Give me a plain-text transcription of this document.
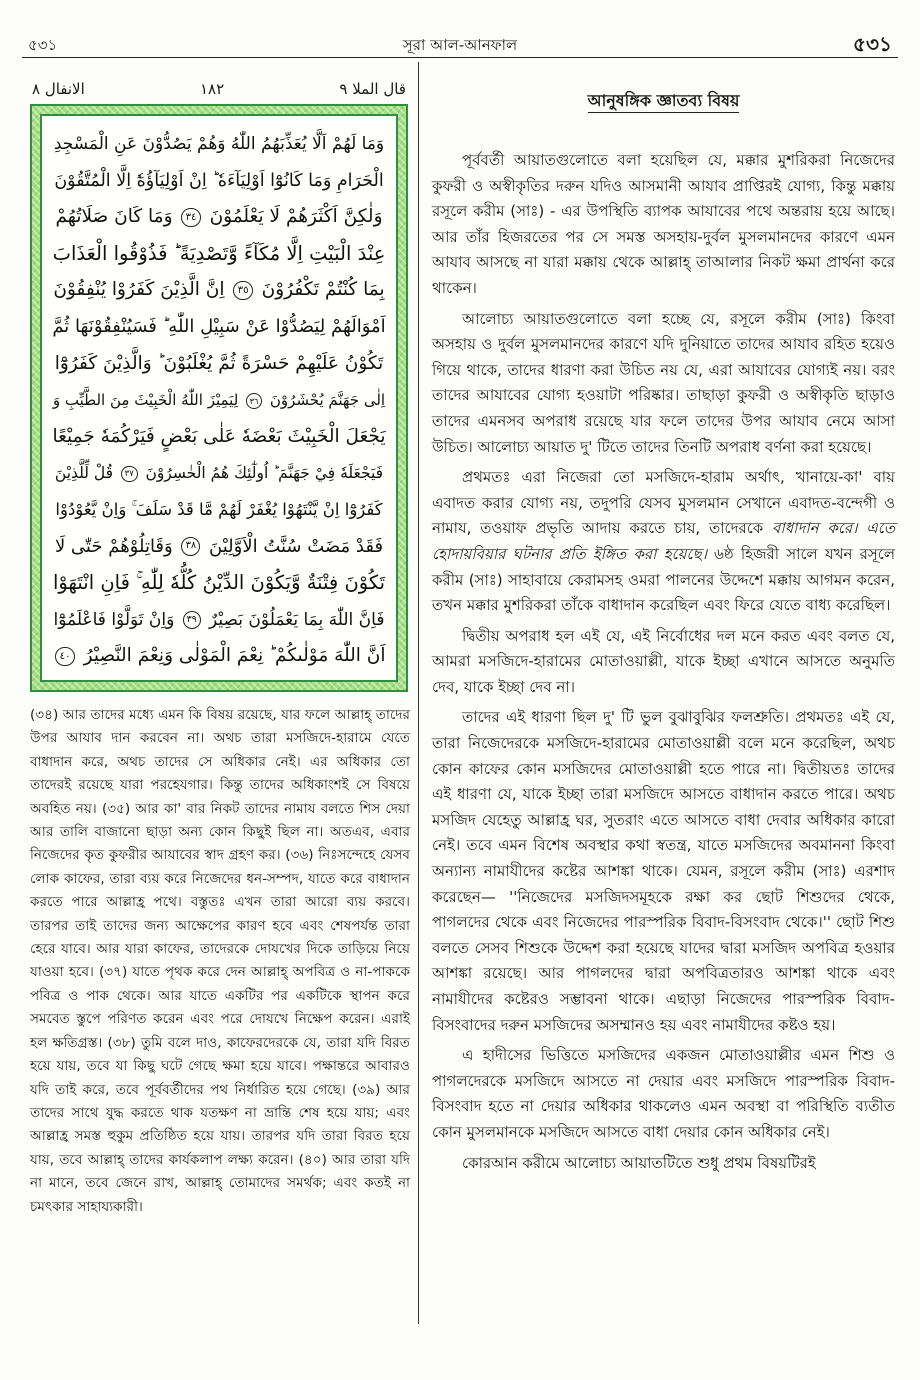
৫৩১	সূরা আল-আনফাল	৫৩১
الانفال ٨	١٨٢	قال الملا ٩
وَمَا لَهُمْ اَلَّا يُعَذِّبَهُمُ اللّٰهُ وَهُمْ يَصُدُّوْنَ عَنِ الْمَسْجِدِ
الْحَرَامِ وَمَا كَانُوْٓا اَوْلِيَآءَهٗ ؕ اِنْ اَوْلِيَآؤُهٗٓ اِلَّا الْمُتَّقُوْنَ
وَلٰكِنَّ اَكْثَرَهُمْ لَا يَعْلَمُوْنَ ٣٤ وَمَا كَانَ صَلَاتُهُمْ
عِنْدَ الْبَيْتِ اِلَّا مُكَآءً وَّتَصْدِيَةً ؕ فَذُوْقُوا الْعَذَابَ
بِمَا كُنْتُمْ تَكْفُرُوْنَ ٣٥ اِنَّ الَّذِيْنَ كَفَرُوْا يُنْفِقُوْنَ
اَمْوَالَهُمْ لِيَصُدُّوْا عَنْ سَبِيْلِ اللّٰهِ ؕ فَسَيُنْفِقُوْنَهَا ثُمَّ
تَكُوْنُ عَلَيْهِمْ حَسْرَةً ثُمَّ يُغْلَبُوْنَ ؕ وَالَّذِيْنَ كَفَرُوْٓا
اِلٰى جَهَنَّمَ يُحْشَرُوْنَ ٣٦ لِيَمِيْزَ اللّٰهُ الْخَبِيْثَ مِنَ الطَّيِّبِ وَ
يَجْعَلَ الْخَبِيْثَ بَعْضَهٗ عَلٰى بَعْضٍ فَيَرْكُمَهٗ جَمِيْعًا
فَيَجْعَلَهٗ فِيْ جَهَنَّمَ ؕ اُولٰٓئِكَ هُمُ الْخٰسِرُوْنَ ٣٧ قُلْ لِّلَّذِيْنَ
كَفَرُوْٓا اِنْ يَّنْتَهُوْا يُغْفَرْ لَهُمْ مَّا قَدْ سَلَفَ ۚ وَاِنْ يَّعُوْدُوْا
فَقَدْ مَضَتْ سُنَّتُ الْاَوَّلِيْنَ ٣٨ وَقَاتِلُوْهُمْ حَتّٰى لَا
تَكُوْنَ فِتْنَةٌ وَّيَكُوْنَ الدِّيْنُ كُلُّهٗ لِلّٰهِ ۚ فَاِنِ انْتَهَوْا
فَاِنَّ اللّٰهَ بِمَا يَعْمَلُوْنَ بَصِيْرٌ ٣٩ وَاِنْ تَوَلَّوْا فَاعْلَمُوْٓا
اَنَّ اللّٰهَ مَوْلٰىكُمْ ؕ نِعْمَ الْمَوْلٰى وَنِعْمَ النَّصِيْرُ ٤٠
(৩৪) আর তাদের মধ্যে এমন কি বিষয় রয়েছে, যার ফলে আল্লাহ্ তাদের উপর আযাব দান করবেন না। অথচ তারা মসজিদে-হারামে যেতে বাধাদান করে, অথচ তাদের সে অধিকার নেই। এর অধিকার তো তাদেরই রয়েছে যারা পরহেযগার। কিন্তু তাদের অধিকাংশই সে বিষয়ে অবহিত নয়। (৩৫) আর কা' বার নিকট তাদের নামায বলতে শিস দেয়া আর তালি বাজানো ছাড়া অন্য কোন কিছুই ছিল না। অতএব, এবার নিজেদের কৃত কুফরীর আযাবের স্বাদ গ্রহণ কর। (৩৬) নিঃসন্দেহে যেসব লোক কাফের, তারা ব্যয় করে নিজেদের ধন-সম্পদ, যাতে করে বাধাদান করতে পারে আল্লাহ্র পথে। বস্তুতঃ এখন তারা আরো ব্যয় করবে। তারপর তাই তাদের জন্য আক্ষেপের কারণ হবে এবং শেষপর্যন্ত তারা হেরে যাবে। আর যারা কাফের, তাদেরকে দোযখের দিকে তাড়িয়ে নিয়ে যাওয়া হবে। (৩৭) যাতে পৃথক করে দেন আল্লাহ্ অপবিত্র ও না-পাককে পবিত্র ও পাক থেকে। আর যাতে একটির পর একটিকে স্থাপন করে সমবেত স্তুপে পরিণত করেন এবং পরে দোযখে নিক্ষেপ করেন। এরাই হল ক্ষতিগ্রস্ত। (৩৮) তুমি বলে দাও, কাফেরদেরকে যে, তারা যদি বিরত হয়ে যায়, তবে যা কিছু ঘটে গেছে ক্ষমা হয়ে যাবে। পক্ষান্তরে আবারও যদি তাই করে, তবে পূর্ববর্তীদের পথ নির্ধারিত হয়ে গেছে। (৩৯) আর তাদের সাথে যুদ্ধ করতে থাক যতক্ষণ না ভ্রান্তি শেষ হয়ে যায়; এবং আল্লাহ্র সমস্ত হুকুম প্রতিষ্ঠিত হয়ে যায়। তারপর যদি তারা বিরত হয়ে যায়, তবে আল্লাহ্ তাদের কার্যকলাপ লক্ষ্য করেন। (৪০) আর তারা যদি না মানে, তবে জেনে রাখ, আল্লাহ্ তোমাদের সমর্থক; এবং কতই না চমৎকার সাহায্যকারী।
আনুষঙ্গিক জ্ঞাতব্য বিষয়

পূর্ববর্তী আয়াতগুলোতে বলা হয়েছিল যে, মক্কার মুশরিকরা নিজেদের কুফরী ও অস্বীকৃতির দরুন যদিও আসমানী আযাব প্রাপ্তিরই যোগ্য, কিন্তু মক্কায় রসূলে করীম (সাঃ) - এর উপস্থিতি ব্যাপক আযাবের পথে অন্তরায় হয়ে আছে। আর তাঁর হিজরতের পর সে সমস্ত অসহায়-দুর্বল মুসলমানদের কারণে এমন আযাব আসছে না যারা মক্কায় থেকে আল্লাহ্ তাআলার নিকট ক্ষমা প্রার্থনা করে থাকেন।

আলোচ্য আয়াতগুলোতে বলা হচ্ছে যে, রসূলে করীম (সাঃ) কিংবা অসহায় ও দুর্বল মুসলমানদের কারণে যদি দুনিয়াতে তাদের আযাব রহিত হয়েও গিয়ে থাকে, তাদের ধারণা করা উচিত নয় যে, এরা আযাবের যোগ্যই নয়। বরং তাদের আযাবের যোগ্য হওয়াটা পরিষ্কার। তাছাড়া কুফরী ও অস্বীকৃতি ছাড়াও তাদের এমনসব অপরাধ রয়েছে যার ফলে তাদের উপর আযাব নেমে আসা উচিত। আলোচ্য আয়াত দু' টিতে তাদের তিনটি অপরাধ বর্ণনা করা হয়েছে।

প্রথমতঃ এরা নিজেরা তো মসজিদে-হারাম অর্থাৎ, খানায়ে-কা' বায় এবাদত করার যোগ্য নয়, তদুপরি যেসব মুসলমান সেখানে এবাদত-বন্দেগী ও নামায, তওয়াফ প্রভৃতি আদায় করতে চায়, তাদেরকে বাধাদান করে। এতে হোদায়বিয়ার ঘটনার প্রতি ইঙ্গিত করা হয়েছে। ৬ষ্ঠ হিজরী সালে যখন রসূলে করীম (সাঃ) সাহাবায়ে কেরামসহ ওমরা পালনের উদ্দেশে মক্কায় আগমন করেন, তখন মক্কার মুশরিকরা তাঁকে বাধাদান করেছিল এবং ফিরে যেতে বাধ্য করেছিল।

দ্বিতীয় অপরাধ হল এই যে, এই নির্বোধের দল মনে করত এবং বলত যে, আমরা মসজিদে-হারামের মোতাওয়াল্লী, যাকে ইচ্ছা এখানে আসতে অনুমতি দেব, যাকে ইচ্ছা দেব না।

তাদের এই ধারণা ছিল দু' টি ভুল বুঝাবুঝির ফলশ্রুতি। প্রথমতঃ এই যে, তারা নিজেদেরকে মসজিদে-হারামের মোতাওয়াল্লী বলে মনে করেছিল, অথচ কোন কাফের কোন মসজিদের মোতাওয়াল্লী হতে পারে না। দ্বিতীয়তঃ তাদের এই ধারণা যে, যাকে ইচ্ছা তারা মসজিদে আসতে বাধাদান করতে পারে। অথচ মসজিদ যেহেতু আল্লাহ্র ঘর, সুতরাং এতে আসতে বাধা দেবার অধিকার কারো নেই। তবে এমন বিশেষ অবস্থার কথা স্বতন্ত্র, যাতে মসজিদের অবমাননা কিংবা অন্যান্য নামাযীদের কষ্টের আশঙ্কা থাকে। যেমন, রসূলে করীম (সাঃ) এরশাদ করেছেন— ''নিজেদের মসজিদসমূহকে রক্ষা কর ছোট শিশুদের থেকে, পাগলদের থেকে এবং নিজেদের পারস্পরিক বিবাদ-বিসংবাদ থেকে।'' ছোট শিশু বলতে সেসব শিশুকে উদ্দেশ করা হয়েছে যাদের দ্বারা মসজিদ অপবিত্র হওয়ার আশঙ্কা রয়েছে। আর পাগলদের দ্বারা অপবিত্রতারও আশঙ্কা থাকে এবং নামাযীদের কষ্টেরও সম্ভাবনা থাকে। এছাড়া নিজেদের পারস্পরিক বিবাদ-বিসংবাদের দরুন মসজিদের অসম্মানও হয় এবং নামাযীদের কষ্টও হয়।

এ হাদীসের ভিত্তিতে মসজিদের একজন মোতাওয়াল্লীর এমন শিশু ও পাগলদেরকে মসজিদে আসতে না দেয়ার এবং মসজিদে পারস্পরিক বিবাদ-বিসংবাদ হতে না দেয়ার অধিকার থাকলেও এমন অবস্থা বা পরিস্থিতি ব্যতীত কোন মুসলমানকে মসজিদে আসতে বাধা দেয়ার কোন অধিকার নেই।

কোরআন করীমে আলোচ্য আয়াতটিতে শুধু প্রথম বিষয়টিরই
